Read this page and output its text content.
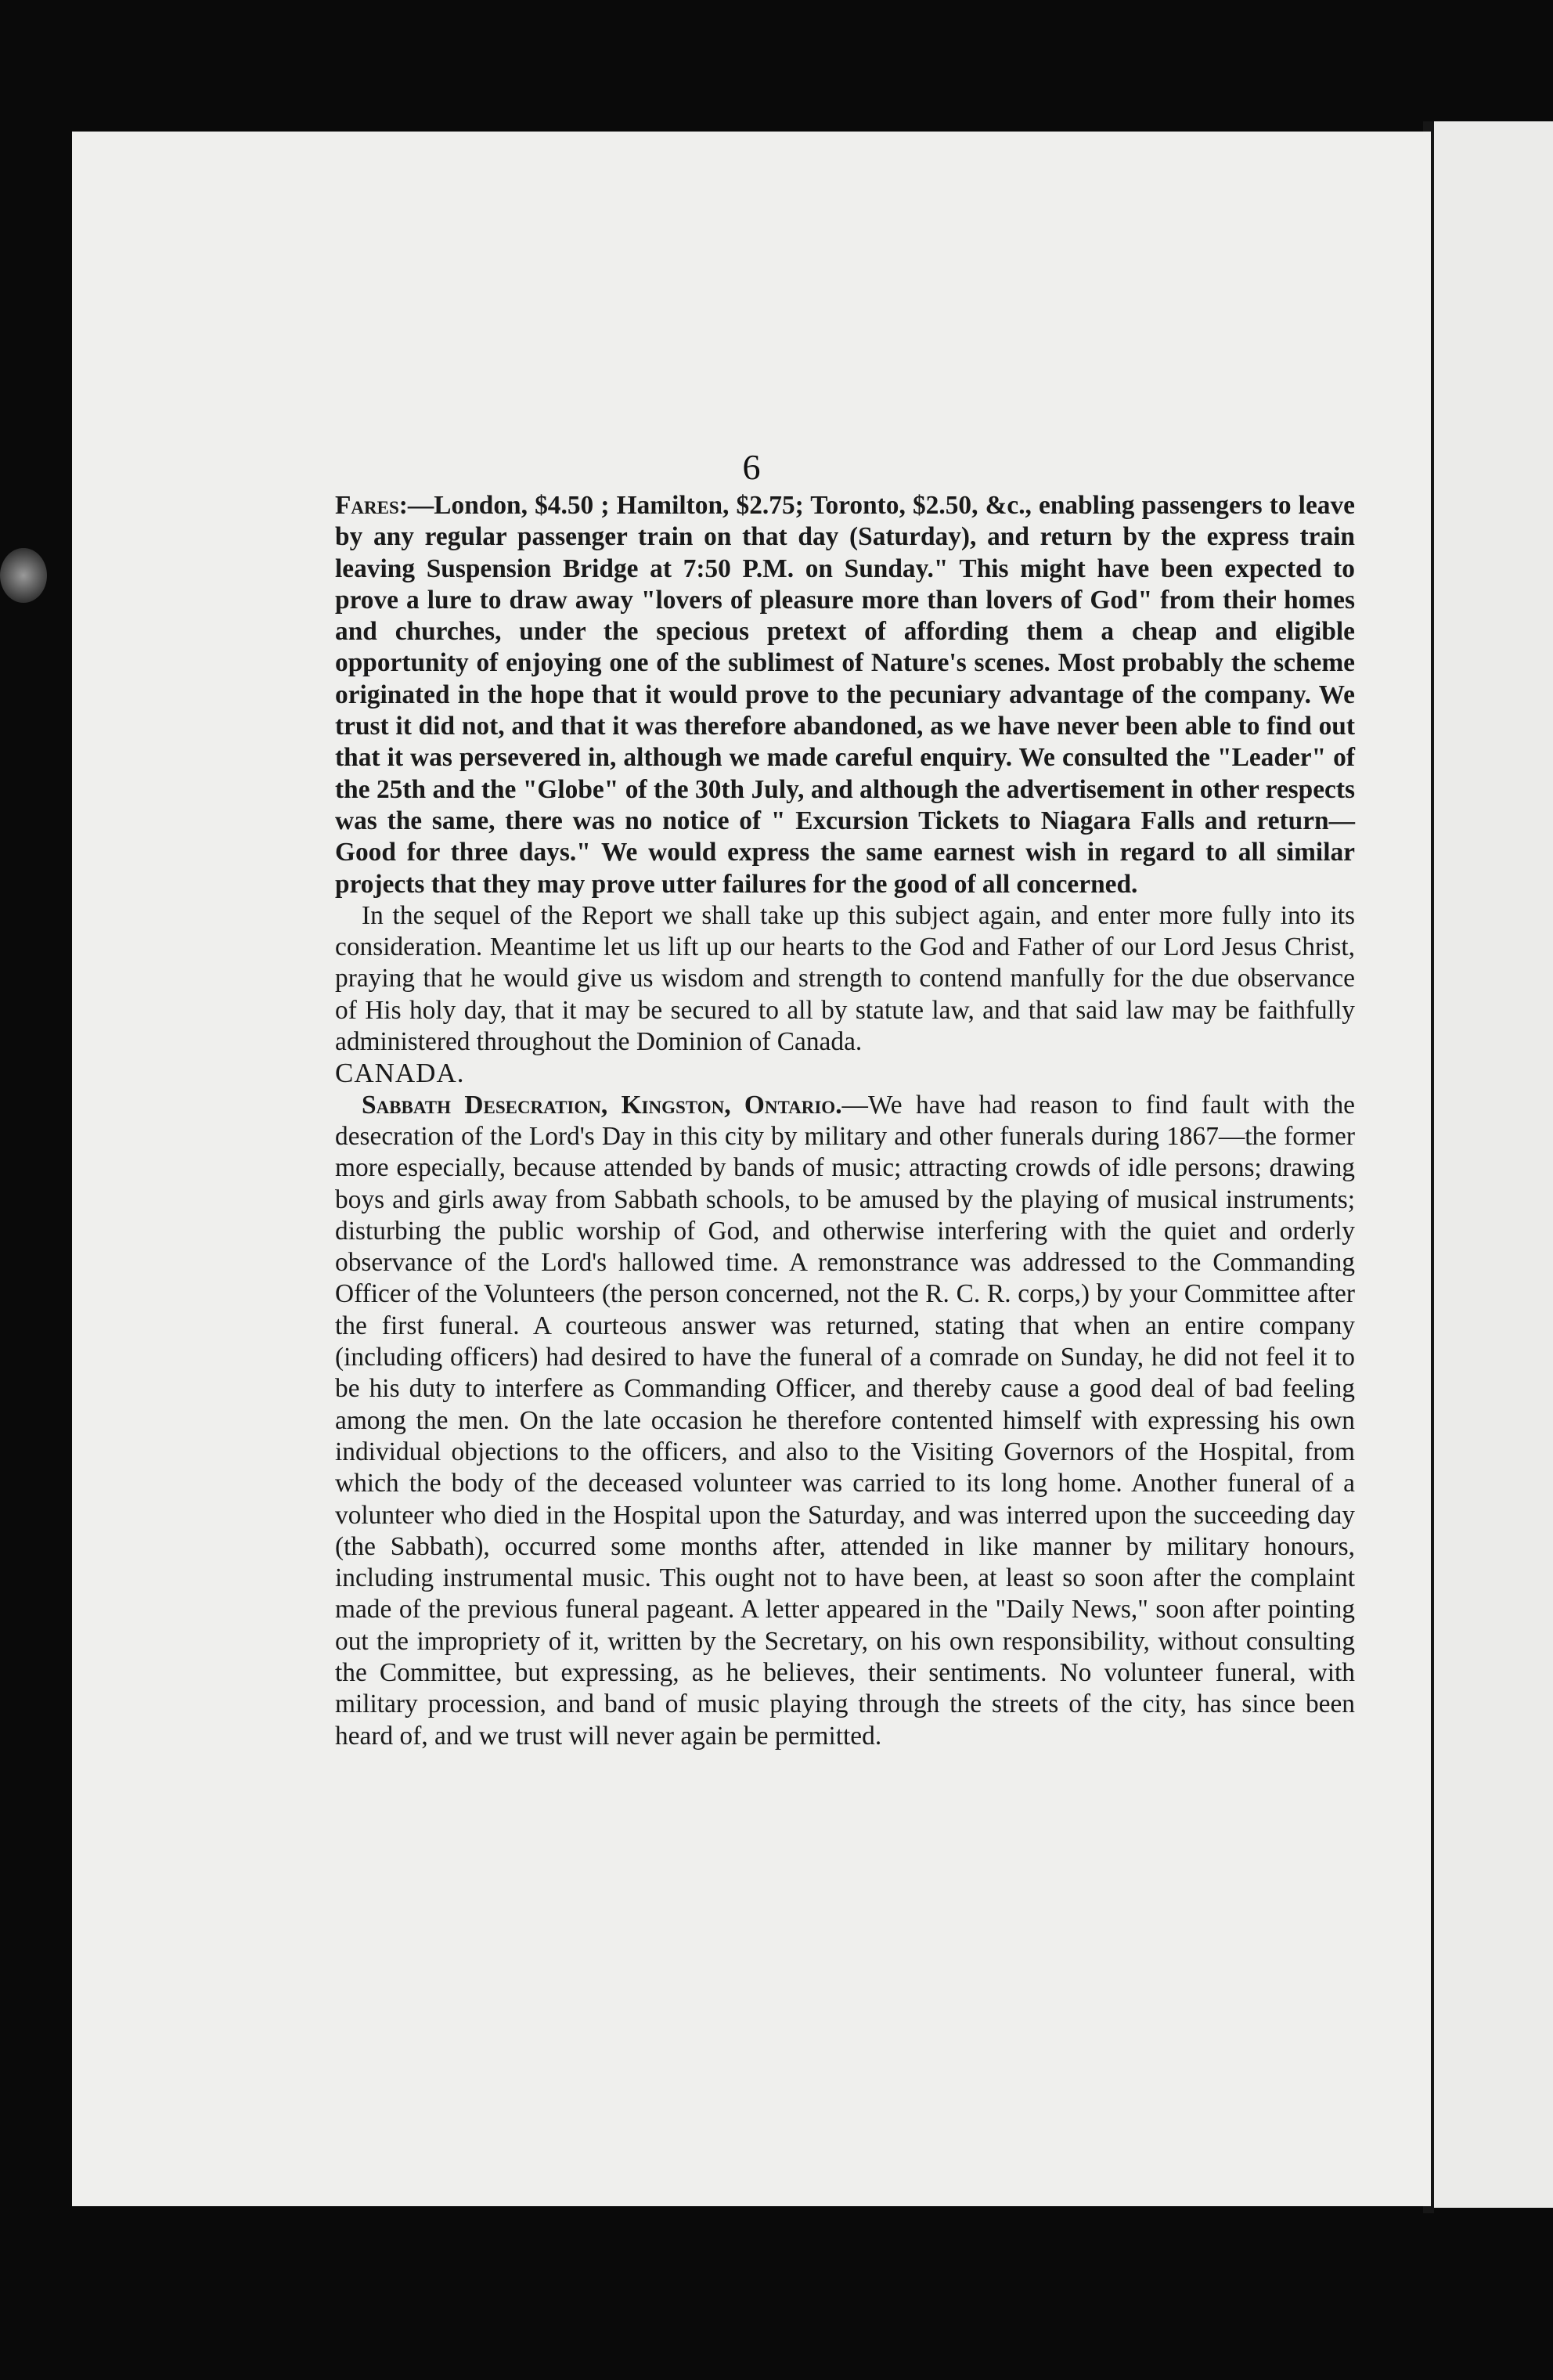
6

Fares:—London, $4.50 ; Hamilton, $2.75; Toronto, $2.50, &c., enabling passengers to leave by any regular passenger train on that day (Saturday), and return by the express train leaving Suspension Bridge at 7:50 P.M. on Sunday." This might have been expected to prove a lure to draw away "lovers of pleasure more than lovers of God" from their homes and churches, under the specious pretext of affording them a cheap and eligible opportunity of enjoying one of the sublimest of Nature's scenes. Most probably the scheme originated in the hope that it would prove to the pecuniary advantage of the company. We trust it did not, and that it was therefore abandoned, as we have never been able to find out that it was persevered in, although we made careful enquiry. We consulted the "Leader" of the 25th and the "Globe" of the 30th July, and although the advertisement in other respects was the same, there was no notice of " Excursion Tickets to Niagara Falls and return—Good for three days." We would express the same earnest wish in regard to all similar projects that they may prove utter failures for the good of all concerned.

In the sequel of the Report we shall take up this subject again, and enter more fully into its consideration. Meantime let us lift up our hearts to the God and Father of our Lord Jesus Christ, praying that he would give us wisdom and strength to contend manfully for the due observance of His holy day, that it may be secured to all by statute law, and that said law may be faithfully administered throughout the Dominion of Canada.

CANADA.

Sabbath Desecration, Kingston, Ontario.—We have had reason to find fault with the desecration of the Lord's Day in this city by military and other funerals during 1867—the former more especially, because attended by bands of music; attracting crowds of idle persons; drawing boys and girls away from Sabbath schools, to be amused by the playing of musical instruments; disturbing the public worship of God, and otherwise interfering with the quiet and orderly observance of the Lord's hallowed time. A remonstrance was addressed to the Commanding Officer of the Volunteers (the person concerned, not the R. C. R. corps,) by your Committee after the first funeral. A courteous answer was returned, stating that when an entire company (including officers) had desired to have the funeral of a comrade on Sunday, he did not feel it to be his duty to interfere as Commanding Officer, and thereby cause a good deal of bad feeling among the men. On the late occasion he therefore contented himself with expressing his own individual objections to the officers, and also to the Visiting Governors of the Hospital, from which the body of the deceased volunteer was carried to its long home. Another funeral of a volunteer who died in the Hospital upon the Saturday, and was interred upon the succeeding day (the Sabbath), occurred some months after, attended in like manner by military honours, including instrumental music. This ought not to have been, at least so soon after the complaint made of the previous funeral pageant. A letter appeared in the "Daily News," soon after pointing out the impropriety of it, written by the Secretary, on his own responsibility, without consulting the Committee, but expressing, as he believes, their sentiments. No volunteer funeral, with military procession, and band of music playing through the streets of the city, has since been heard of, and we trust will never again be permitted.
